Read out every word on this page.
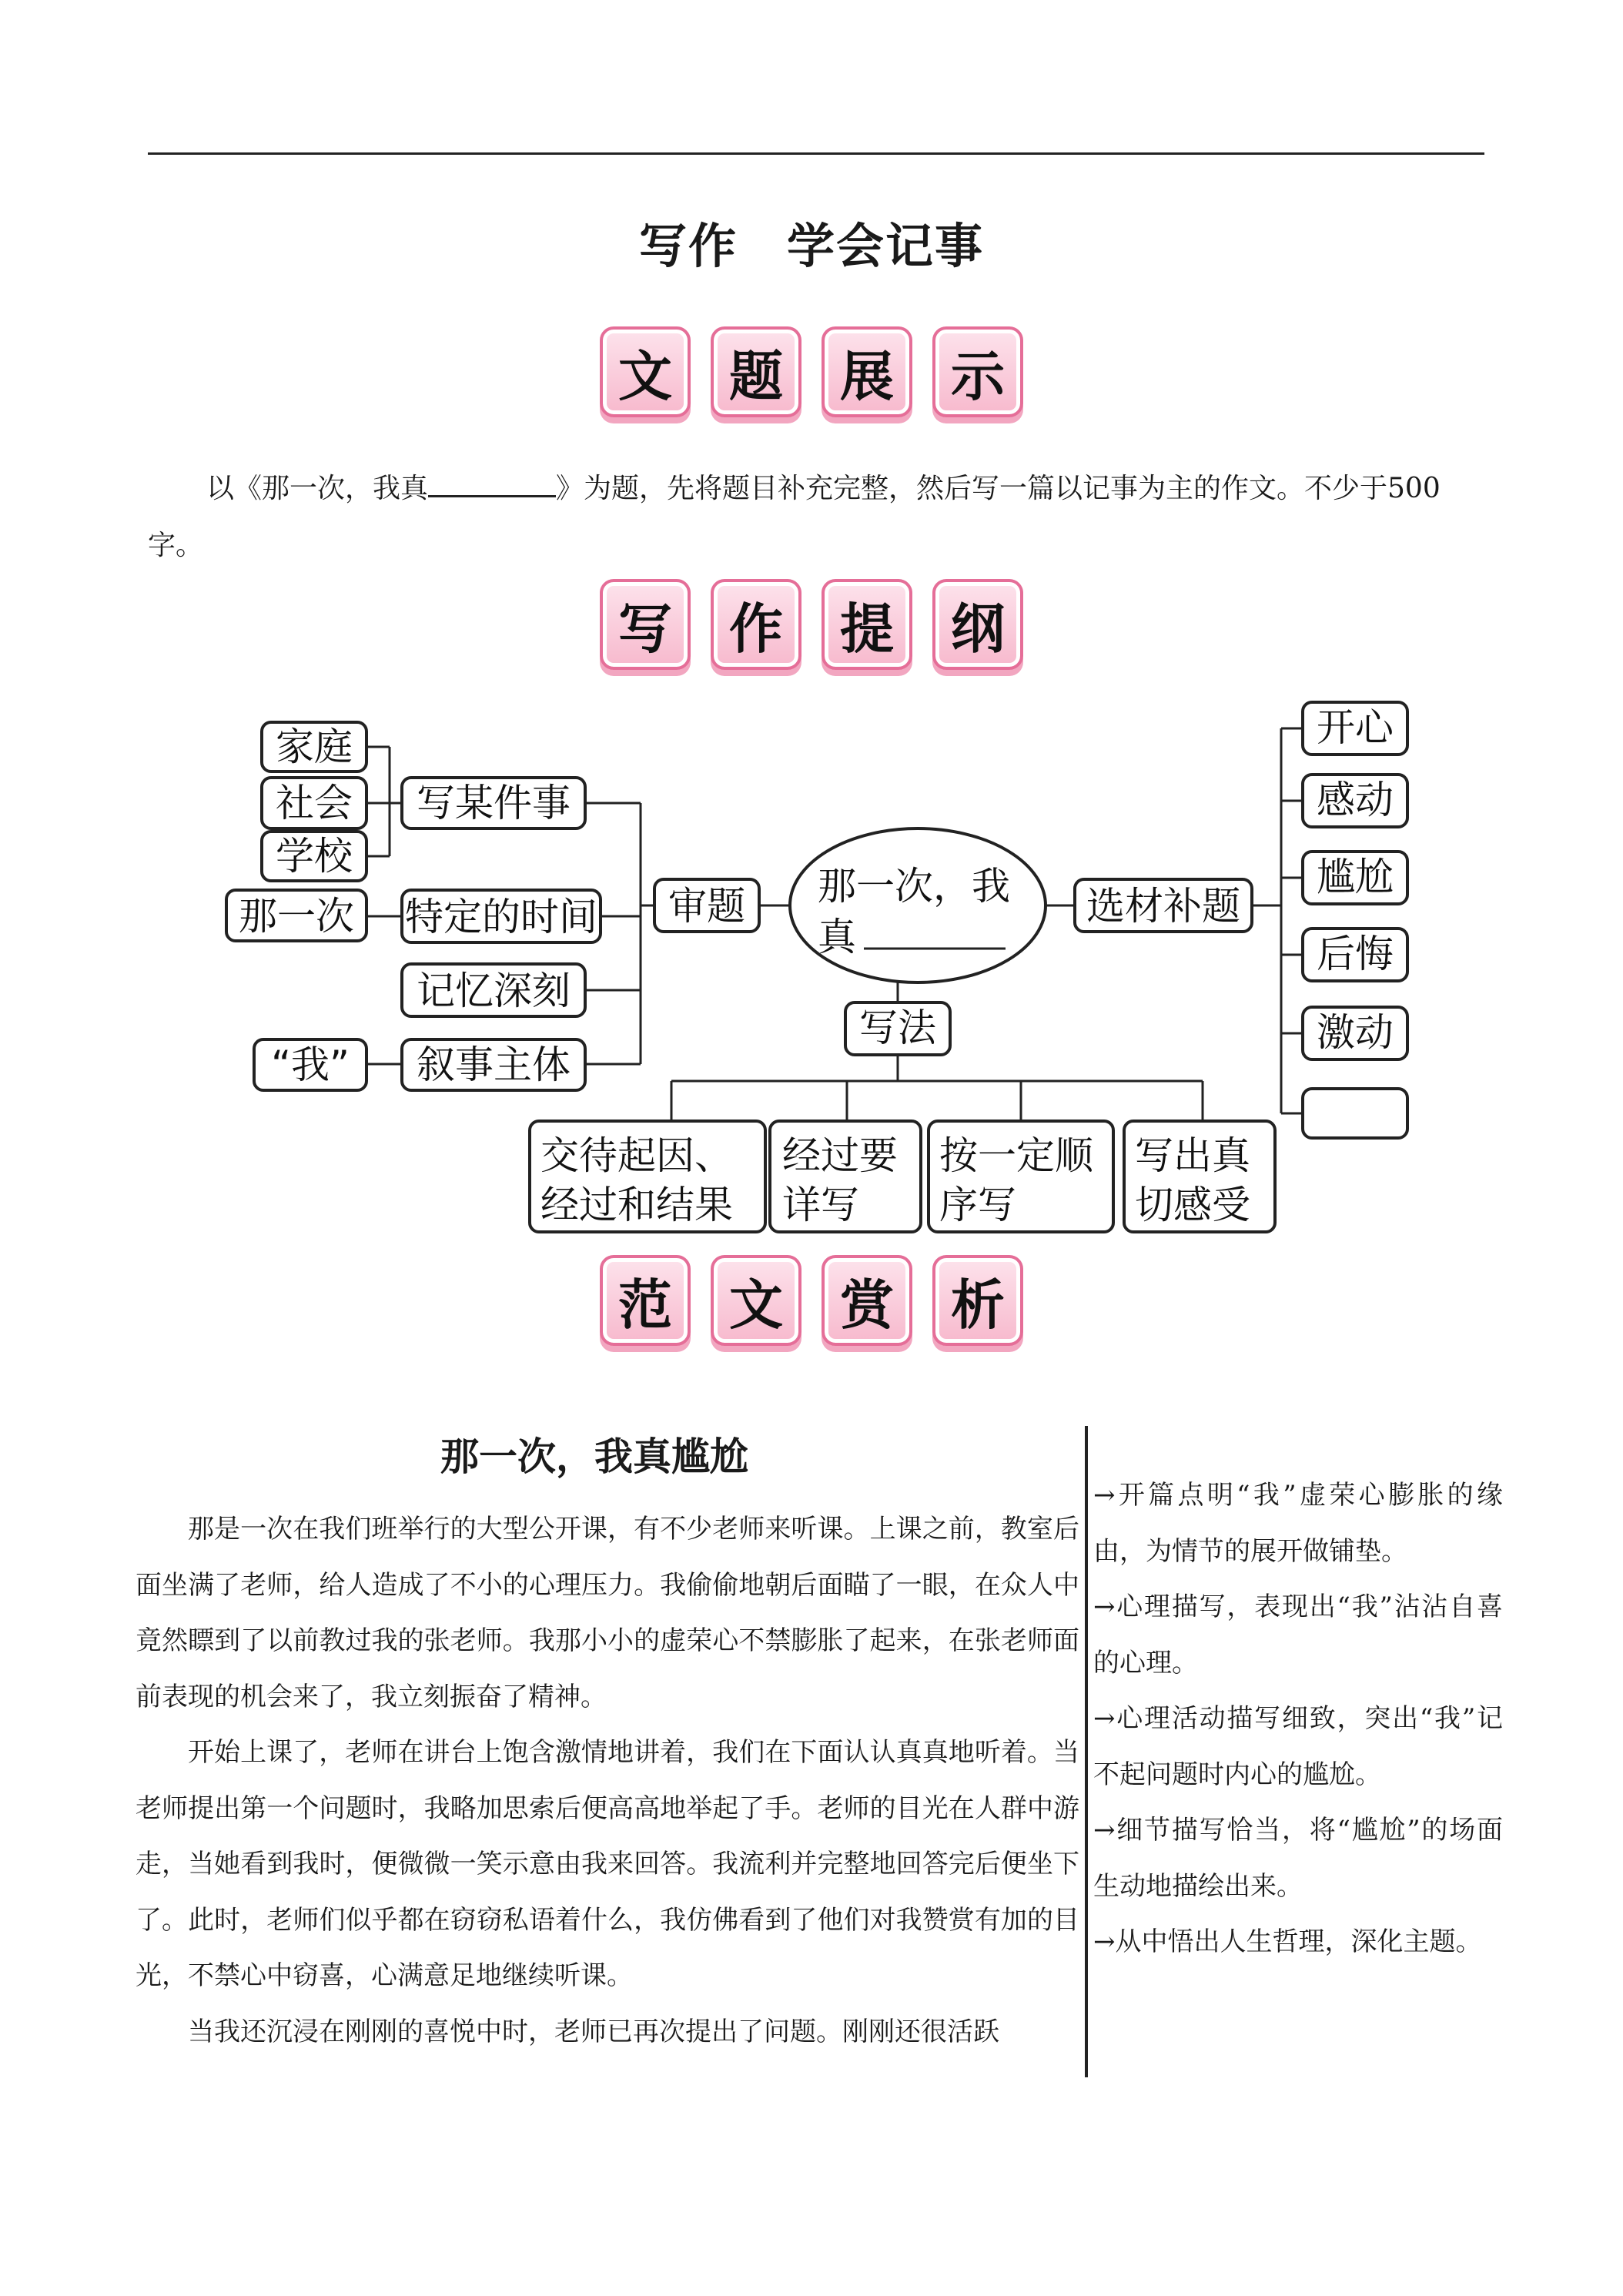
写作　学会记事
文	题	展	示
以《那一次，我真	》为题，先将题目补充完整，然后写一篇以记事为主的作文。不少于500字。
写	作	提	纲
家庭
社会
学校
那一次
“我”
写某件事
特定的时间
记忆深刻
叙事主体
审题	选材补题
开心
感动
尴尬
后悔
激动
写法
那一次，我
真
交待起因、
经过和结果
经过要
详写
按一定顺
序写
写出真
切感受
范	文	赏	析
那一次，我真尴尬

那是一次在我们班举行的大型公开课，有不少老师来听课。上课之前，教室后面坐满了老师，给人造成了不小的心理压力。我偷偷地朝后面瞄了一眼，在众人中竟然瞟到了以前教过我的张老师。我那小小的虚荣心不禁膨胀了起来，在张老师面前表现的机会来了，我立刻振奋了精神。

开始上课了，老师在讲台上饱含激情地讲着，我们在下面认认真真地听着。当老师提出第一个问题时，我略加思索后便高高地举起了手。老师的目光在人群中游走，当她看到我时，便微微一笑示意由我来回答。我流利并完整地回答完后便坐下了。此时，老师们似乎都在窃窃私语着什么，我仿佛看到了他们对我赞赏有加的目光，不禁心中窃喜，心满意足地继续听课。

当我还沉浸在刚刚的喜悦中时，老师已再次提出了问题。刚刚还很活跃

→开篇点明“我”虚荣心膨胀的缘由，为情节的展开做铺垫。
→心理描写，表现出“我”沾沾自喜的心理。
→心理活动描写细致，突出“我”记不起问题时内心的尴尬。
→细节描写恰当，将“尴尬”的场面生动地描绘出来。
→从中悟出人生哲理，深化主题。
